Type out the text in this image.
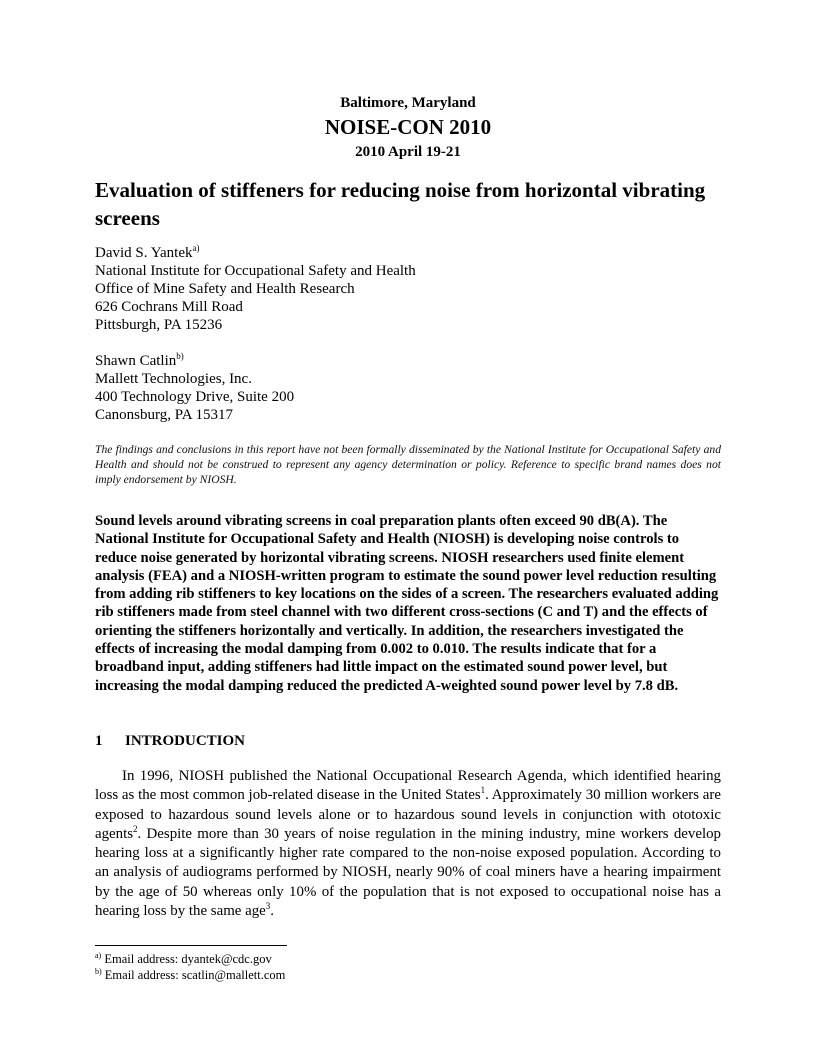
Baltimore, Maryland
NOISE-CON 2010
2010 April 19-21
Evaluation of stiffeners for reducing noise from horizontal vibrating screens
David S. Yantek$^{a)}$
National Institute for Occupational Safety and Health
Office of Mine Safety and Health Research
626 Cochrans Mill Road
Pittsburgh, PA 15236
Shawn Catlin$^{b)}$
Mallett Technologies, Inc.
400 Technology Drive, Suite 200
Canonsburg, PA 15317

The findings and conclusions in this report have not been formally disseminated by the National Institute for Occupational Safety and Health and should not be construed to represent any agency determination or policy. Reference to specific brand names does not imply endorsement by NIOSH.

Sound levels around vibrating screens in coal preparation plants often exceed 90 dB(A). The National Institute for Occupational Safety and Health (NIOSH) is developing noise controls to reduce noise generated by horizontal vibrating screens. NIOSH researchers used finite element analysis (FEA) and a NIOSH-written program to estimate the sound power level reduction resulting from adding rib stiffeners to key locations on the sides of a screen. The researchers evaluated adding rib stiffeners made from steel channel with two different cross-sections (C and T) and the effects of orienting the stiffeners horizontally and vertically. In addition, the researchers investigated the effects of increasing the modal damping from 0.002 to 0.010. The results indicate that for a broadband input, adding stiffeners had little impact on the estimated sound power level, but increasing the modal damping reduced the predicted A-weighted sound power level by 7.8 dB.

1 INTRODUCTION

In 1996, NIOSH published the National Occupational Research Agenda, which identified hearing loss as the most common job-related disease in the United States$^1$. Approximately 30 million workers are exposed to hazardous sound levels alone or to hazardous sound levels in conjunction with ototoxic agents$^2$. Despite more than 30 years of noise regulation in the mining industry, mine workers develop hearing loss at a significantly higher rate compared to the non-noise exposed population. According to an analysis of audiograms performed by NIOSH, nearly 90% of coal miners have a hearing impairment by the age of 50 whereas only 10% of the population that is not exposed to occupational noise has a hearing loss by the same age$^3$.

$^{a)}$ Email address: dyantek@cdc.gov
$^{b)}$ Email address: scatlin@mallett.com
